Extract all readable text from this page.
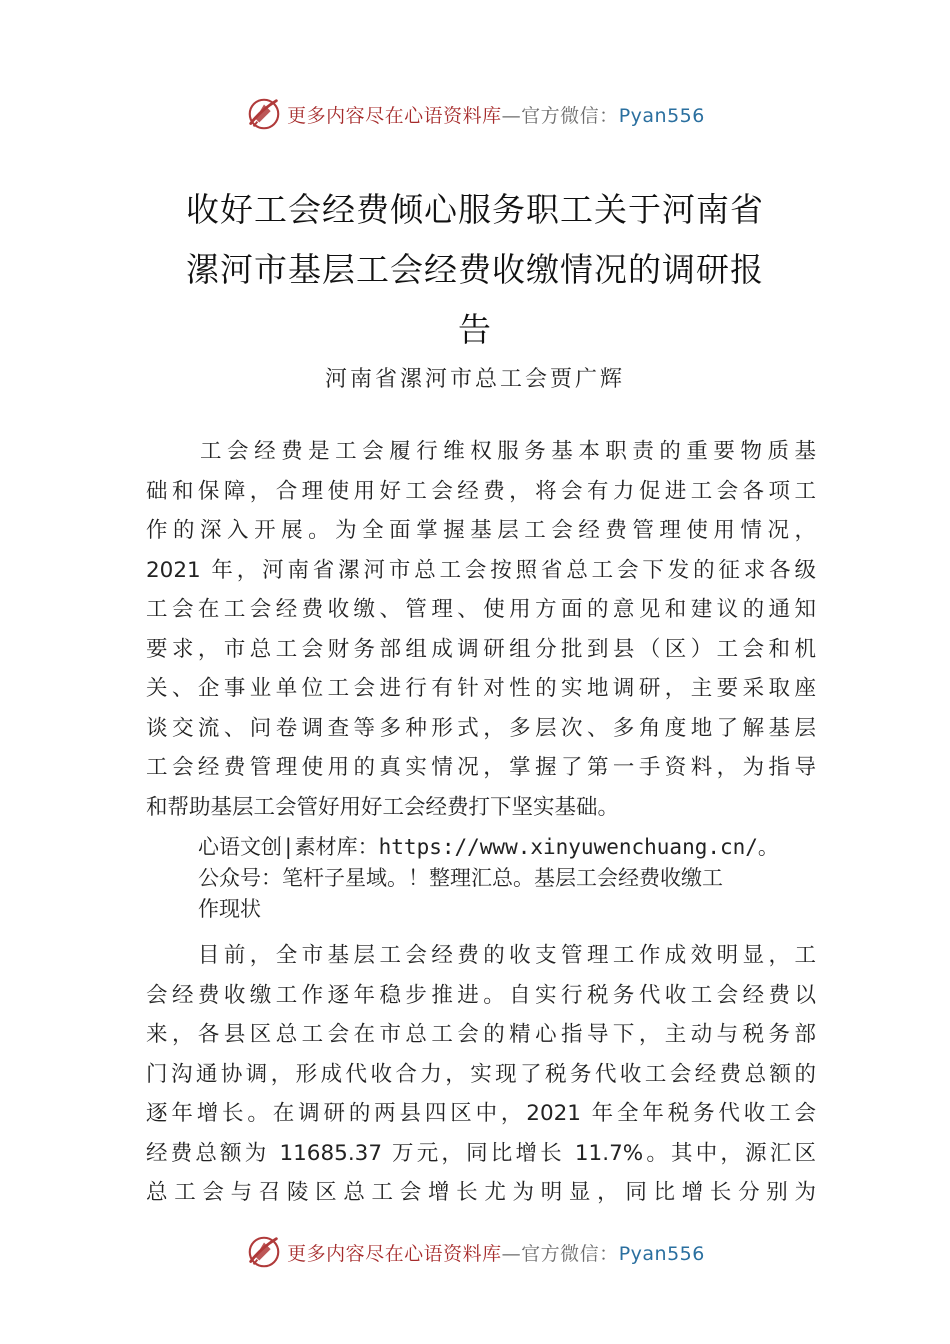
更多内容尽在心语资料库—官方微信：Pyan556
收好工会经费倾心服务职工关于河南省
漯河市基层工会经费收缴情况的调研报
告
河南省漯河市总工会贾广辉
　　工会经费是工会履行维权服务基本职责的重要物质基
础和保障，合理使用好工会经费，将会有力促进工会各项工
作的深入开展。为全面掌握基层工会经费管理使用情况，
2021 年，河南省漯河市总工会按照省总工会下发的征求各级
工会在工会经费收缴、管理、使用方面的意见和建议的通知
要求，市总工会财务部组成调研组分批到县（区）工会和机
关、企事业单位工会进行有针对性的实地调研，主要采取座
谈交流、问卷调查等多种形式，多层次、多角度地了解基层
工会经费管理使用的真实情况，掌握了第一手资料，为指导
和帮助基层工会管好用好工会经费打下坚实基础。
心语文创|素材库：https://www.xinyuwenchuang.cn/。
公众号：笔杆子星域。！整理汇总。基层工会经费收缴工
作现状
　　目前，全市基层工会经费的收支管理工作成效明显，工
会经费收缴工作逐年稳步推进。自实行税务代收工会经费以
来，各县区总工会在市总工会的精心指导下，主动与税务部
门沟通协调，形成代收合力，实现了税务代收工会经费总额的
逐年增长。在调研的两县四区中，2021 年全年税务代收工会
经费总额为 11685.37 万元，同比增长 11.7%。其中，源汇区
总工会与召陵区总工会增长尤为明显，同比增长分别为
更多内容尽在心语资料库—官方微信：Pyan556
